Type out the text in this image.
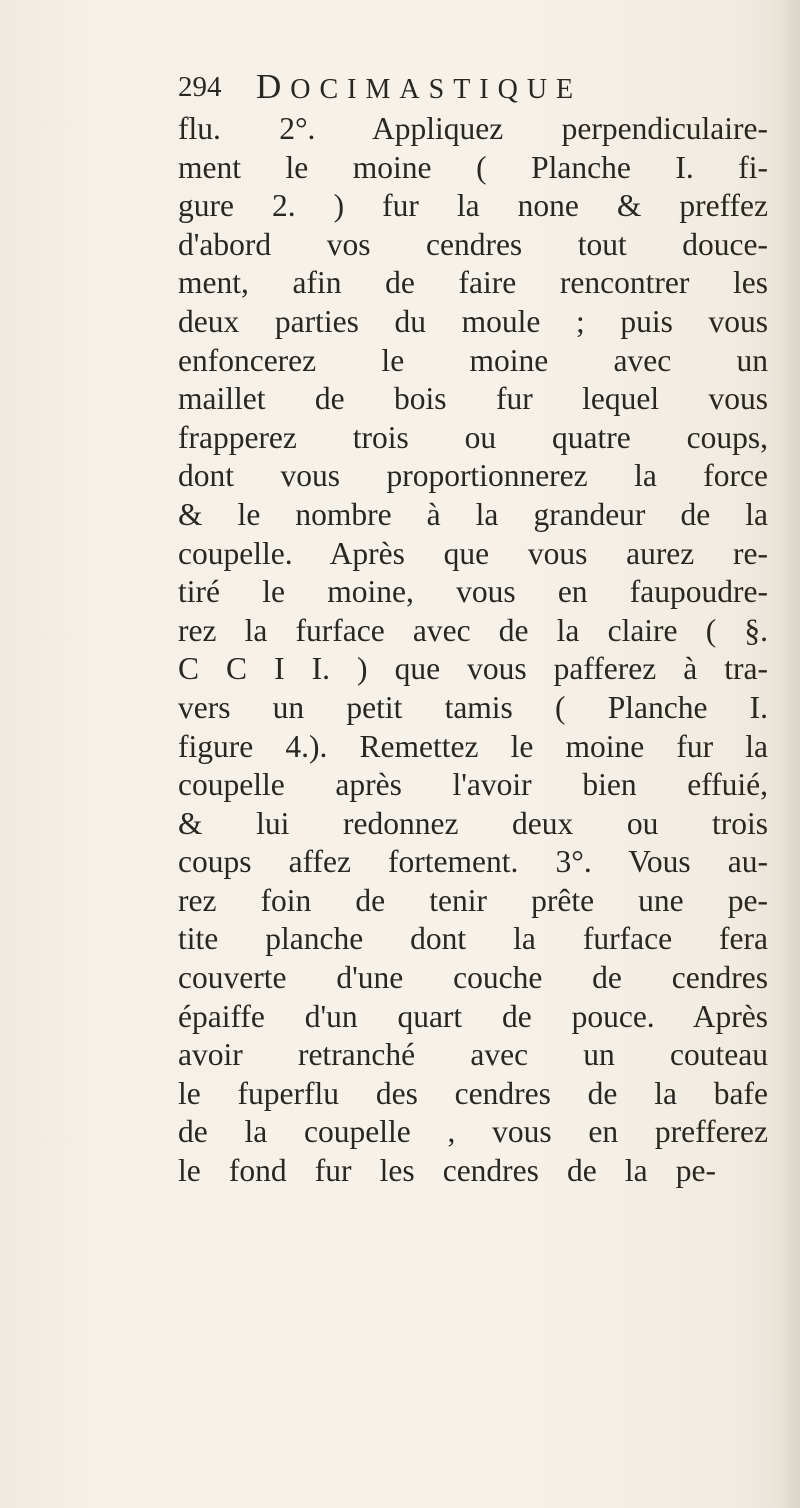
294 DOCIMASTIQUE
flu. 2°. Appliquez perpendiculaire-
ment le moine ( Planche I. fi-
gure 2. ) fur la none & preffez
d'abord vos cendres tout douce-
ment, afin de faire rencontrer les
deux parties du moule ; puis vous
enfoncerez le moine avec un
maillet de bois fur lequel vous
frapperez trois ou quatre coups,
dont vous proportionnerez la force
& le nombre à la grandeur de la
coupelle. Après que vous aurez re-
tiré le moine, vous en faupoudre-
rez la furface avec de la claire ( §.
C C I I. ) que vous pafferez à tra-
vers un petit tamis ( Planche I.
figure 4.). Remettez le moine fur la
coupelle après l'avoir bien effuié,
& lui redonnez deux ou trois
coups affez fortement. 3°. Vous au-
rez foin de tenir prête une pe-
tite planche dont la furface fera
couverte d'une couche de cendres
épaiffe d'un quart de pouce. Après
avoir retranché avec un couteau
le fuperflu des cendres de la bafe
de la coupelle , vous en prefferez
le fond fur les cendres de la pe-
